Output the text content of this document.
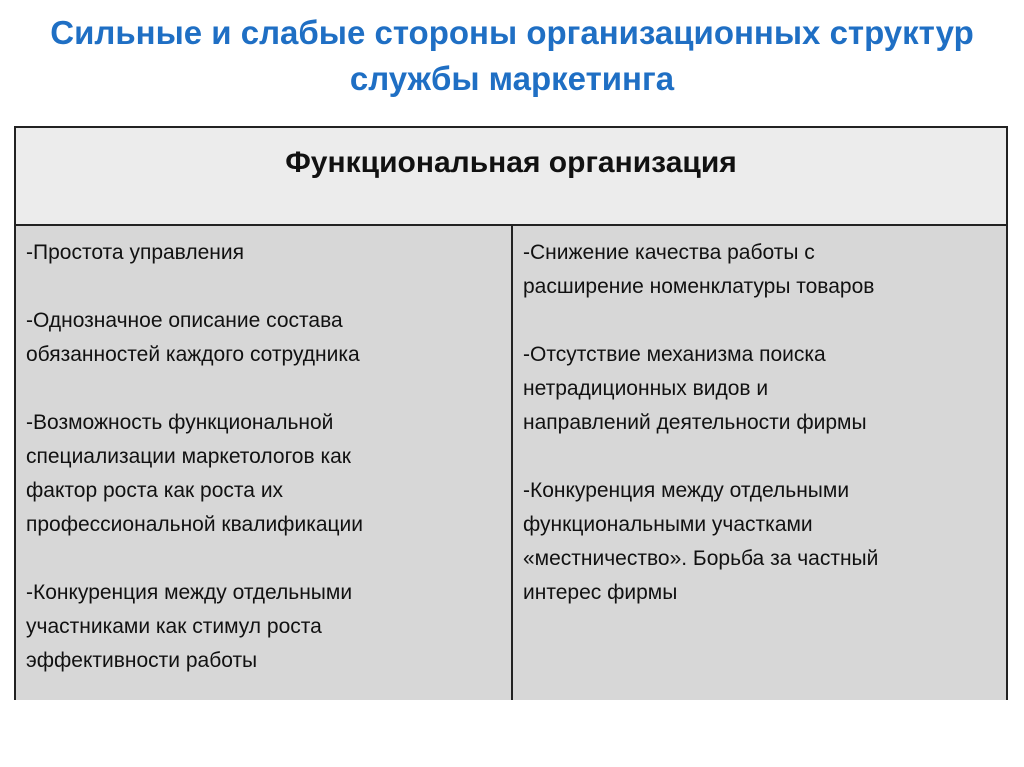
Сильные и слабые стороны организационных структур службы маркетинга
Функциональная организация
-Простота управления
-Однозначное описание состава
обязанностей каждого сотрудника
-Возможность функциональной
специализации маркетологов как
фактор роста как роста их
профессиональной квалификации
-Конкуренция между отдельными
участниками как стимул роста
эффективности работы
-Снижение качества работы с
расширение номенклатуры товаров
-Отсутствие механизма поиска
нетрадиционных видов и
направлений деятельности фирмы
-Конкуренция между отдельными
функциональными участками
«местничество». Борьба за частный
интерес фирмы
